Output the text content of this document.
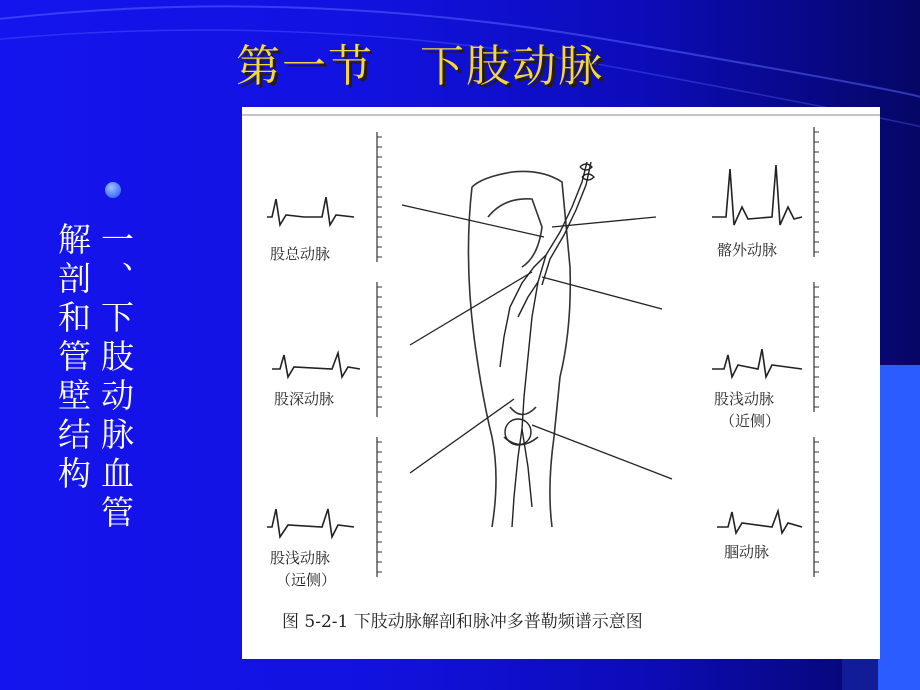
第一节　下肢动脉
一、下肢动脉血管
解剖和管壁结构	股总动脉
股深动脉
股浅动脉
（远侧）
髂外动脉
股浅动脉
（近侧）
腘动脉
图 5-2-1 下肢动脉解剖和脉冲多普勒频谱示意图
